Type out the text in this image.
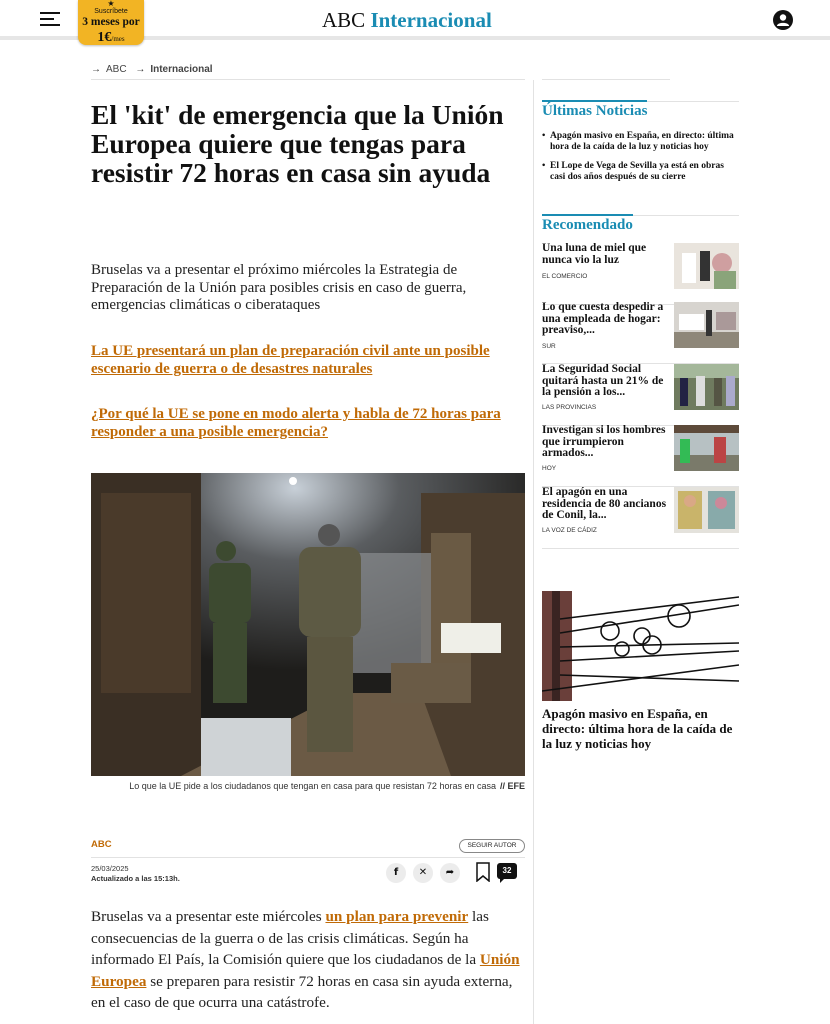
★
Suscríbete
3 meses por
1€/mes
ABC Internacional
→ ABC → Internacional
El 'kit' de emergencia que la Unión Europea quiere que tengas para resistir 72 horas en casa sin ayuda

Bruselas va a presentar el próximo miércoles la Estrategia de Preparación de la Unión para posibles crisis en caso de guerra, emergencias climáticas o ciberataques

La UE presentará un plan de preparación civil ante un posible escenario de guerra o de desastres naturales
¿Por qué la UE se pone en modo alerta y habla de 72 horas para responder a una posible emergencia?
Lo que la UE pide a los ciudadanos que tengan en casa para que resistan 72 horas en casa // EFE
ABC	SEGUIR AUTOR
25/03/2025
Actualizado a las 15:13h.
f	✕	➦	32

Bruselas va a presentar este miércoles un plan para prevenir las consecuencias de la guerra o de las crisis climáticas. Según ha informado El País, la Comisión quiere que los ciudadanos de la Unión Europea se preparen para resistir 72 horas en casa sin ayuda externa, en el caso de que ocurra una catástrofe.

Últimas Noticias
• Apagón masivo en España, en directo: última hora de la caída de la luz y noticias hoy
• El Lope de Vega de Sevilla ya está en obras casi dos años después de su cierre
Recomendado
Una luna de miel que nunca vio la luz
EL COMERCIO
Lo que cuesta despedir a una empleada de hogar: preaviso,...
SUR
La Seguridad Social quitará hasta un 21% de la pensión a los...
LAS PROVINCIAS
Investigan si los hombres que irrumpieron armados...
HOY
El apagón en una residencia de 80 ancianos de Conil, la...
LA VOZ DE CÁDIZ
Apagón masivo en España, en directo: última hora de la caída de la luz y noticias hoy
